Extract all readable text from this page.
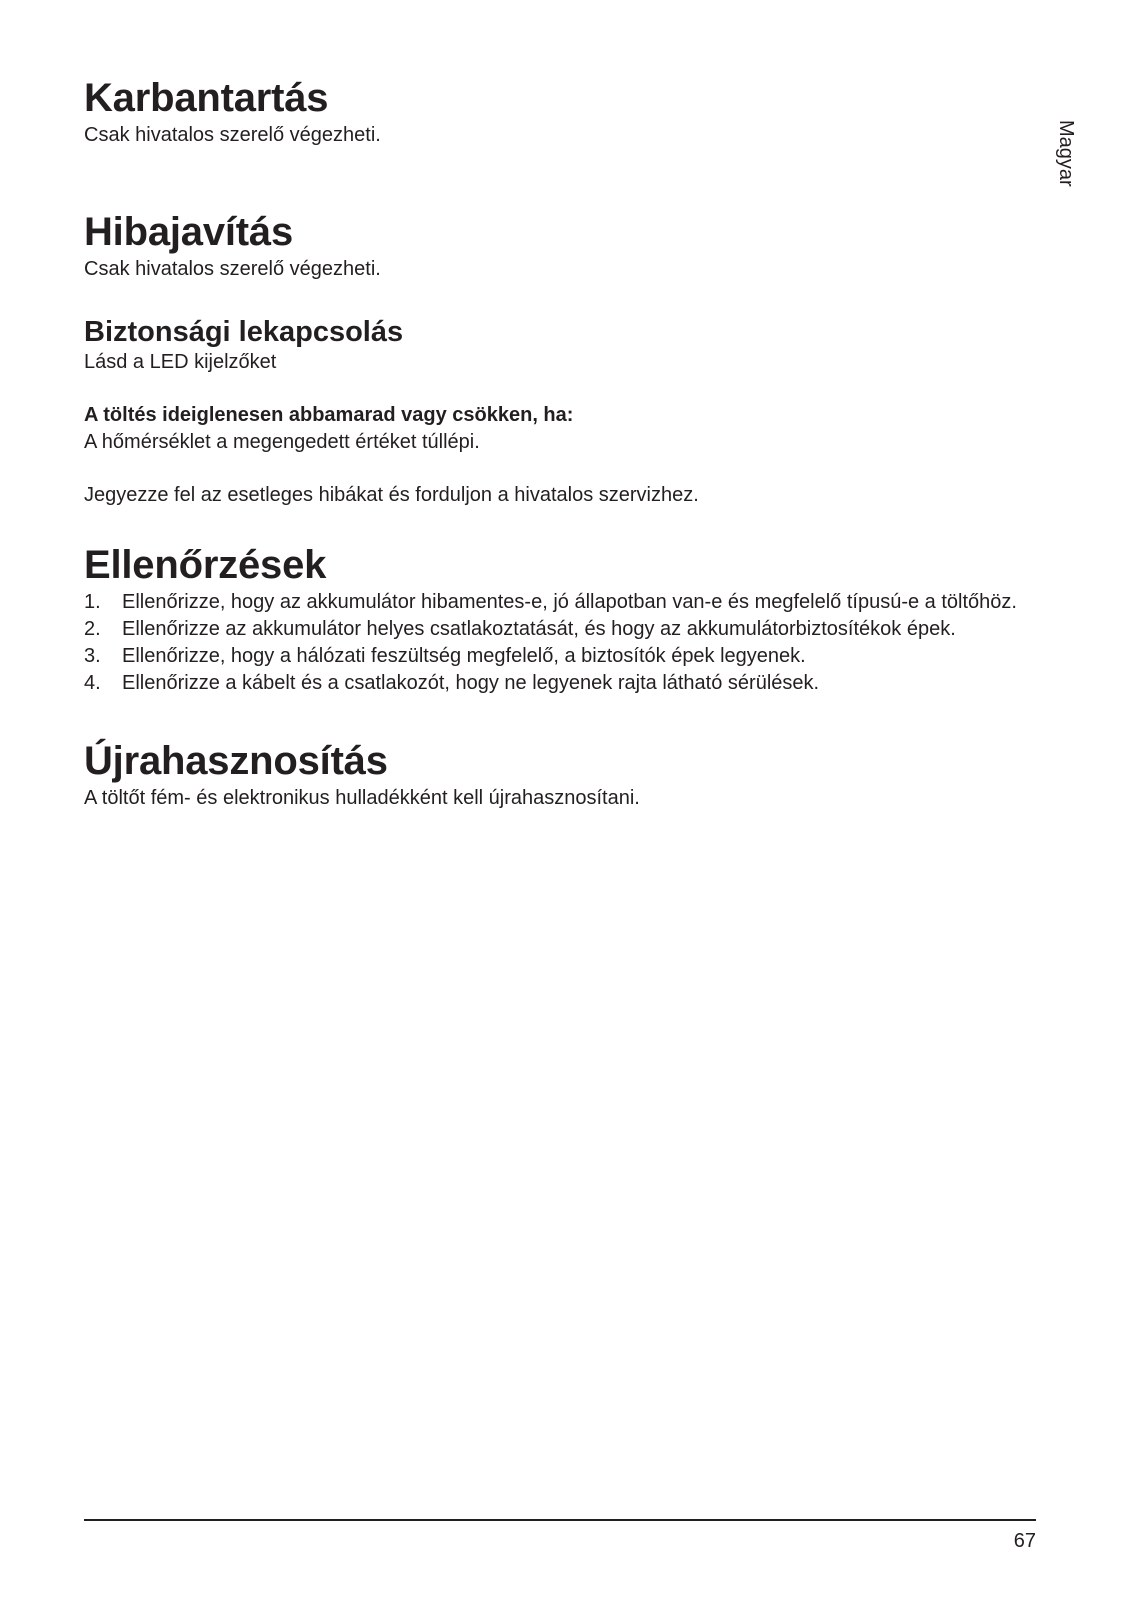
Karbantartás

Csak hivatalos szerelő végezheti.

Hibajavítás

Csak hivatalos szerelő végezheti.

Biztonsági lekapcsolás

Lásd a LED kijelzőket

A töltés ideiglenesen abbamarad vagy csökken, ha:

A hőmérséklet a megengedett értéket túllépi.

Jegyezze fel az esetleges hibákat és forduljon a hivatalos szervizhez.

Ellenőrzések
1. Ellenőrizze, hogy az akkumulátor hibamentes-e, jó állapotban van-e és megfelelő típusú-e a töltőhöz.
2. Ellenőrizze az akkumulátor helyes csatlakoztatását, és hogy az akkumulátorbiztosítékok épek.
3. Ellenőrizze, hogy a hálózati feszültség megfelelő, a biztosítók épek legyenek.
4. Ellenőrizze a kábelt és a csatlakozót, hogy ne legyenek rajta látható sérülések.
Újrahasznosítás

A töltőt fém- és elektronikus hulladékként kell újrahasznosítani.

Magyar
67
